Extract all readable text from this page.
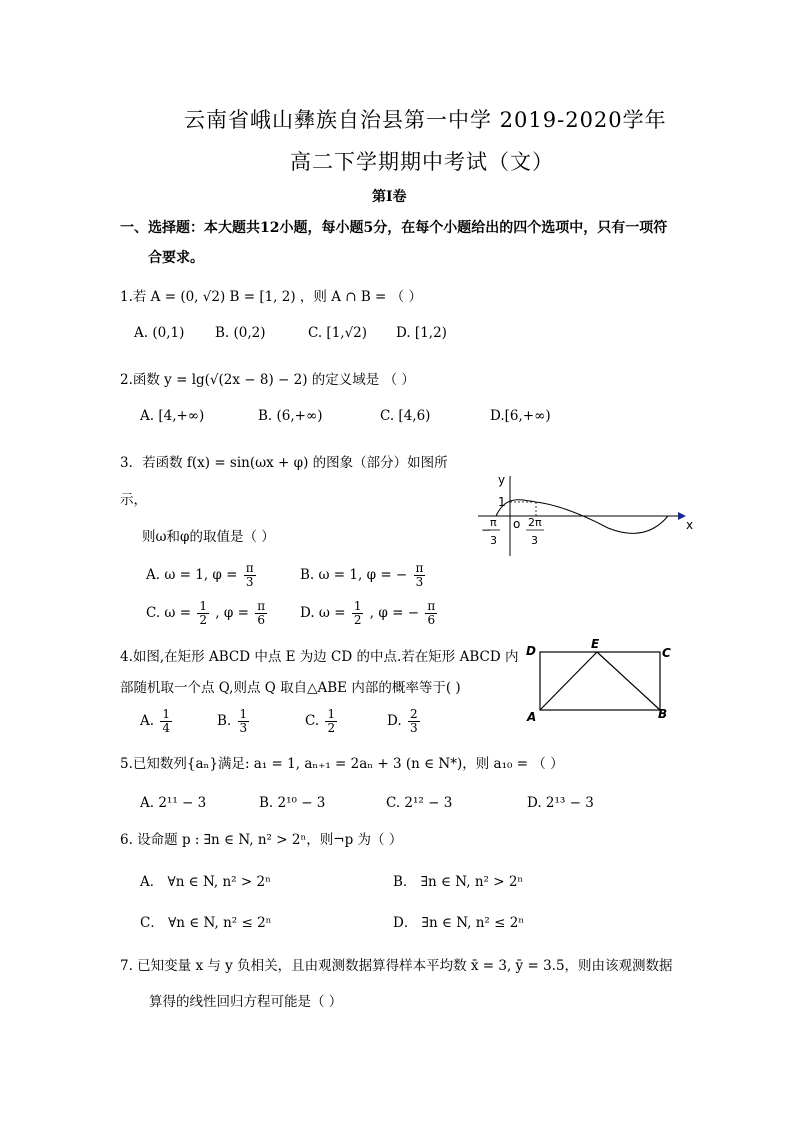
云南省峨山彝族自治县第一中学 2019-2020学年
高二下学期期中考试（文）
第Ⅰ卷
一、选择题：本大题共12小题，每小题5分，在每个小题给出的四个选项中，只有一项符
合要求。
1.若 A = (0, √2) B = [1, 2) ，则 A ∩ B = （ ）
A. (0,1) B. (0,2)	C. [1,√2) D. [1,2)
2.函数 y = lg(√(2x − 8) − 2) 的定义域是 （ ）
A. [4,+∞)	B. (6,+∞)	C. [4,6)	D.[6,+∞)
3．若函数 f(x) = sin(ωx + φ) 的图象（部分）如图所
示，
则ω和φ的取值是（ ）
A. ω = 1, $\varphi = \frac{\pi}{3}$	B. ω = 1, φ = − $\frac{\pi}{3}$
C. $\omega = \frac{1}{2}$ , $\varphi = \frac{\pi}{6} D$. $\omega = \frac{1}{2}$ , φ = − $\frac{\pi}{6}$
y
x
1
o
−
π
3
2π
3
4.如图,在矩形 ABCD 中点 E 为边 CD 的中点.若在矩形 ABCD 内
部随机取一个点 Q,则点 Q 取自△ABE 内部的概率等于( )
A. $\frac{1}{4}$	B. $\frac{1}{3}$	C. $\frac{1}{2}$	D. $\frac{2}{3}$
D	E
C
A	B
5.已知数列{aₙ}满足: a₁ = 1, aₙ₊₁ = 2aₙ + 3 (n ∈ N*)，则 a₁₀ = （ ）
A. 2¹¹ − 3	B. 2¹⁰ − 3	C. 2¹² − 3	D. 2¹³ − 3
6. 设命题 p : ∃n ∈ N, n² > 2ⁿ，则¬p 为（ ）
A． ∀n ∈ N, n² > 2ⁿ	B． ∃n ∈ N, n² > 2ⁿ
C． ∀n ∈ N, n² ≤ 2ⁿ	D． ∃n ∈ N, n² ≤ 2ⁿ
7. 已知变量 x 与 y 负相关，且由观测数据算得样本平均数 x̄ = 3, ȳ = 3.5，则由该观测数据
算得的线性回归方程可能是（ ）
